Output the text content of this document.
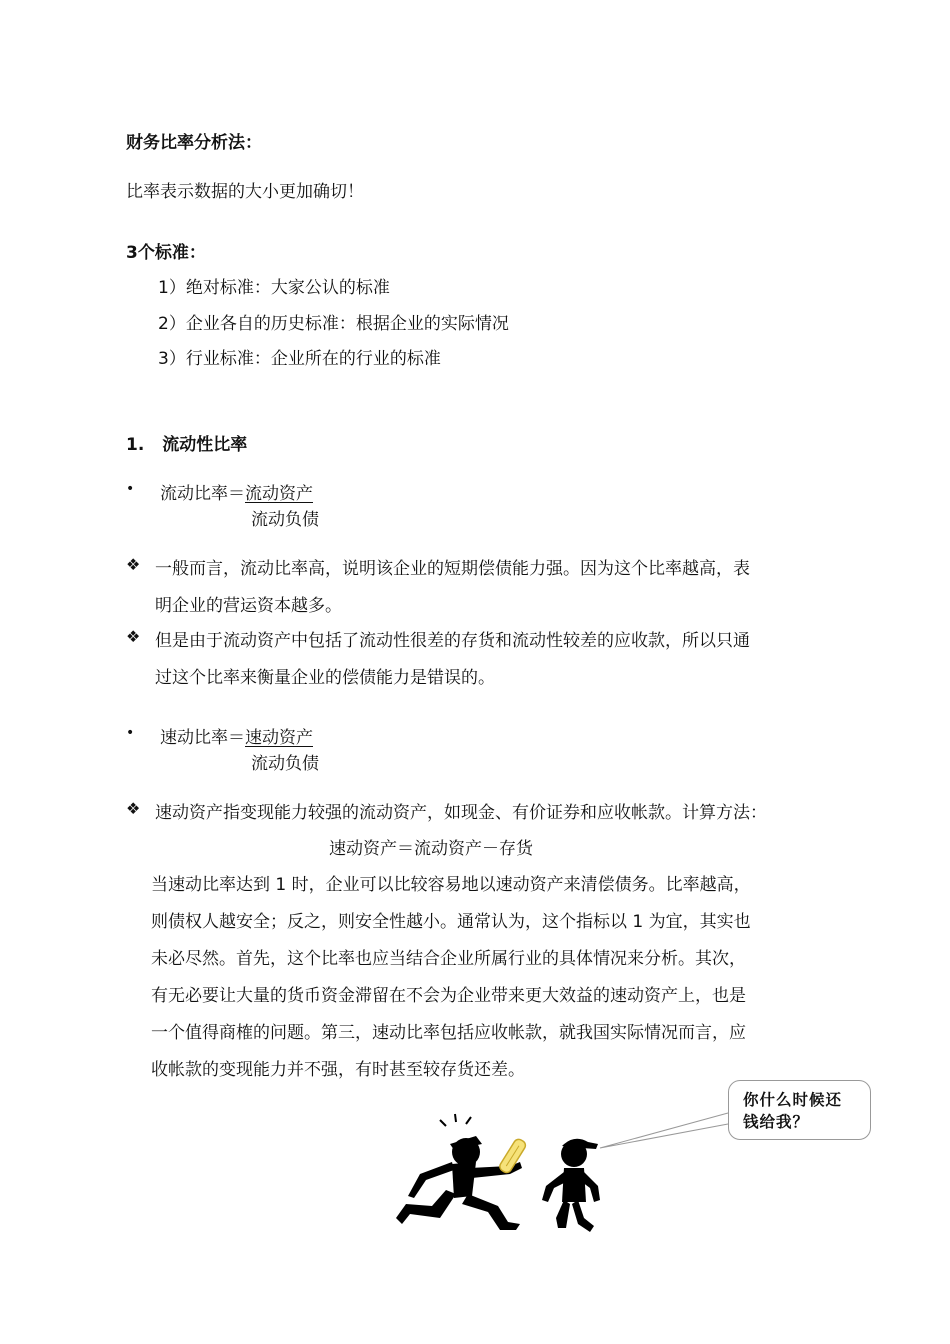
财务比率分析法：
比率表示数据的大小更加确切！
3个标准：
1）绝对标准：大家公认的标准
2）企业各自的历史标准：根据企业的实际情况
3）行业标准：企业所在的行业的标准
1. 流动性比率
• 流动比率＝流动资产
流动负债
❖ 一般而言，流动比率高，说明该企业的短期偿债能力强。因为这个比率越高，表
明企业的营运资本越多。
❖ 但是由于流动资产中包括了流动性很差的存货和流动性较差的应收款，所以只通
过这个比率来衡量企业的偿债能力是错误的。
• 速动比率＝速动资产
流动负债
❖ 速动资产指变现能力较强的流动资产，如现金、有价证券和应收帐款。计算方法：
速动资产＝流动资产－存货
当速动比率达到 1 时，企业可以比较容易地以速动资产来清偿债务。比率越高，
则债权人越安全；反之，则安全性越小。通常认为，这个指标以 1 为宜，其实也
未必尽然。首先，这个比率也应当结合企业所属行业的具体情况来分析。其次，
有无必要让大量的货币资金滞留在不会为企业带来更大效益的速动资产上，也是
一个值得商榷的问题。第三，速动比率包括应收帐款，就我国实际情况而言，应
收帐款的变现能力并不强，有时甚至较存货还差。
你什么时候还
钱给我？
